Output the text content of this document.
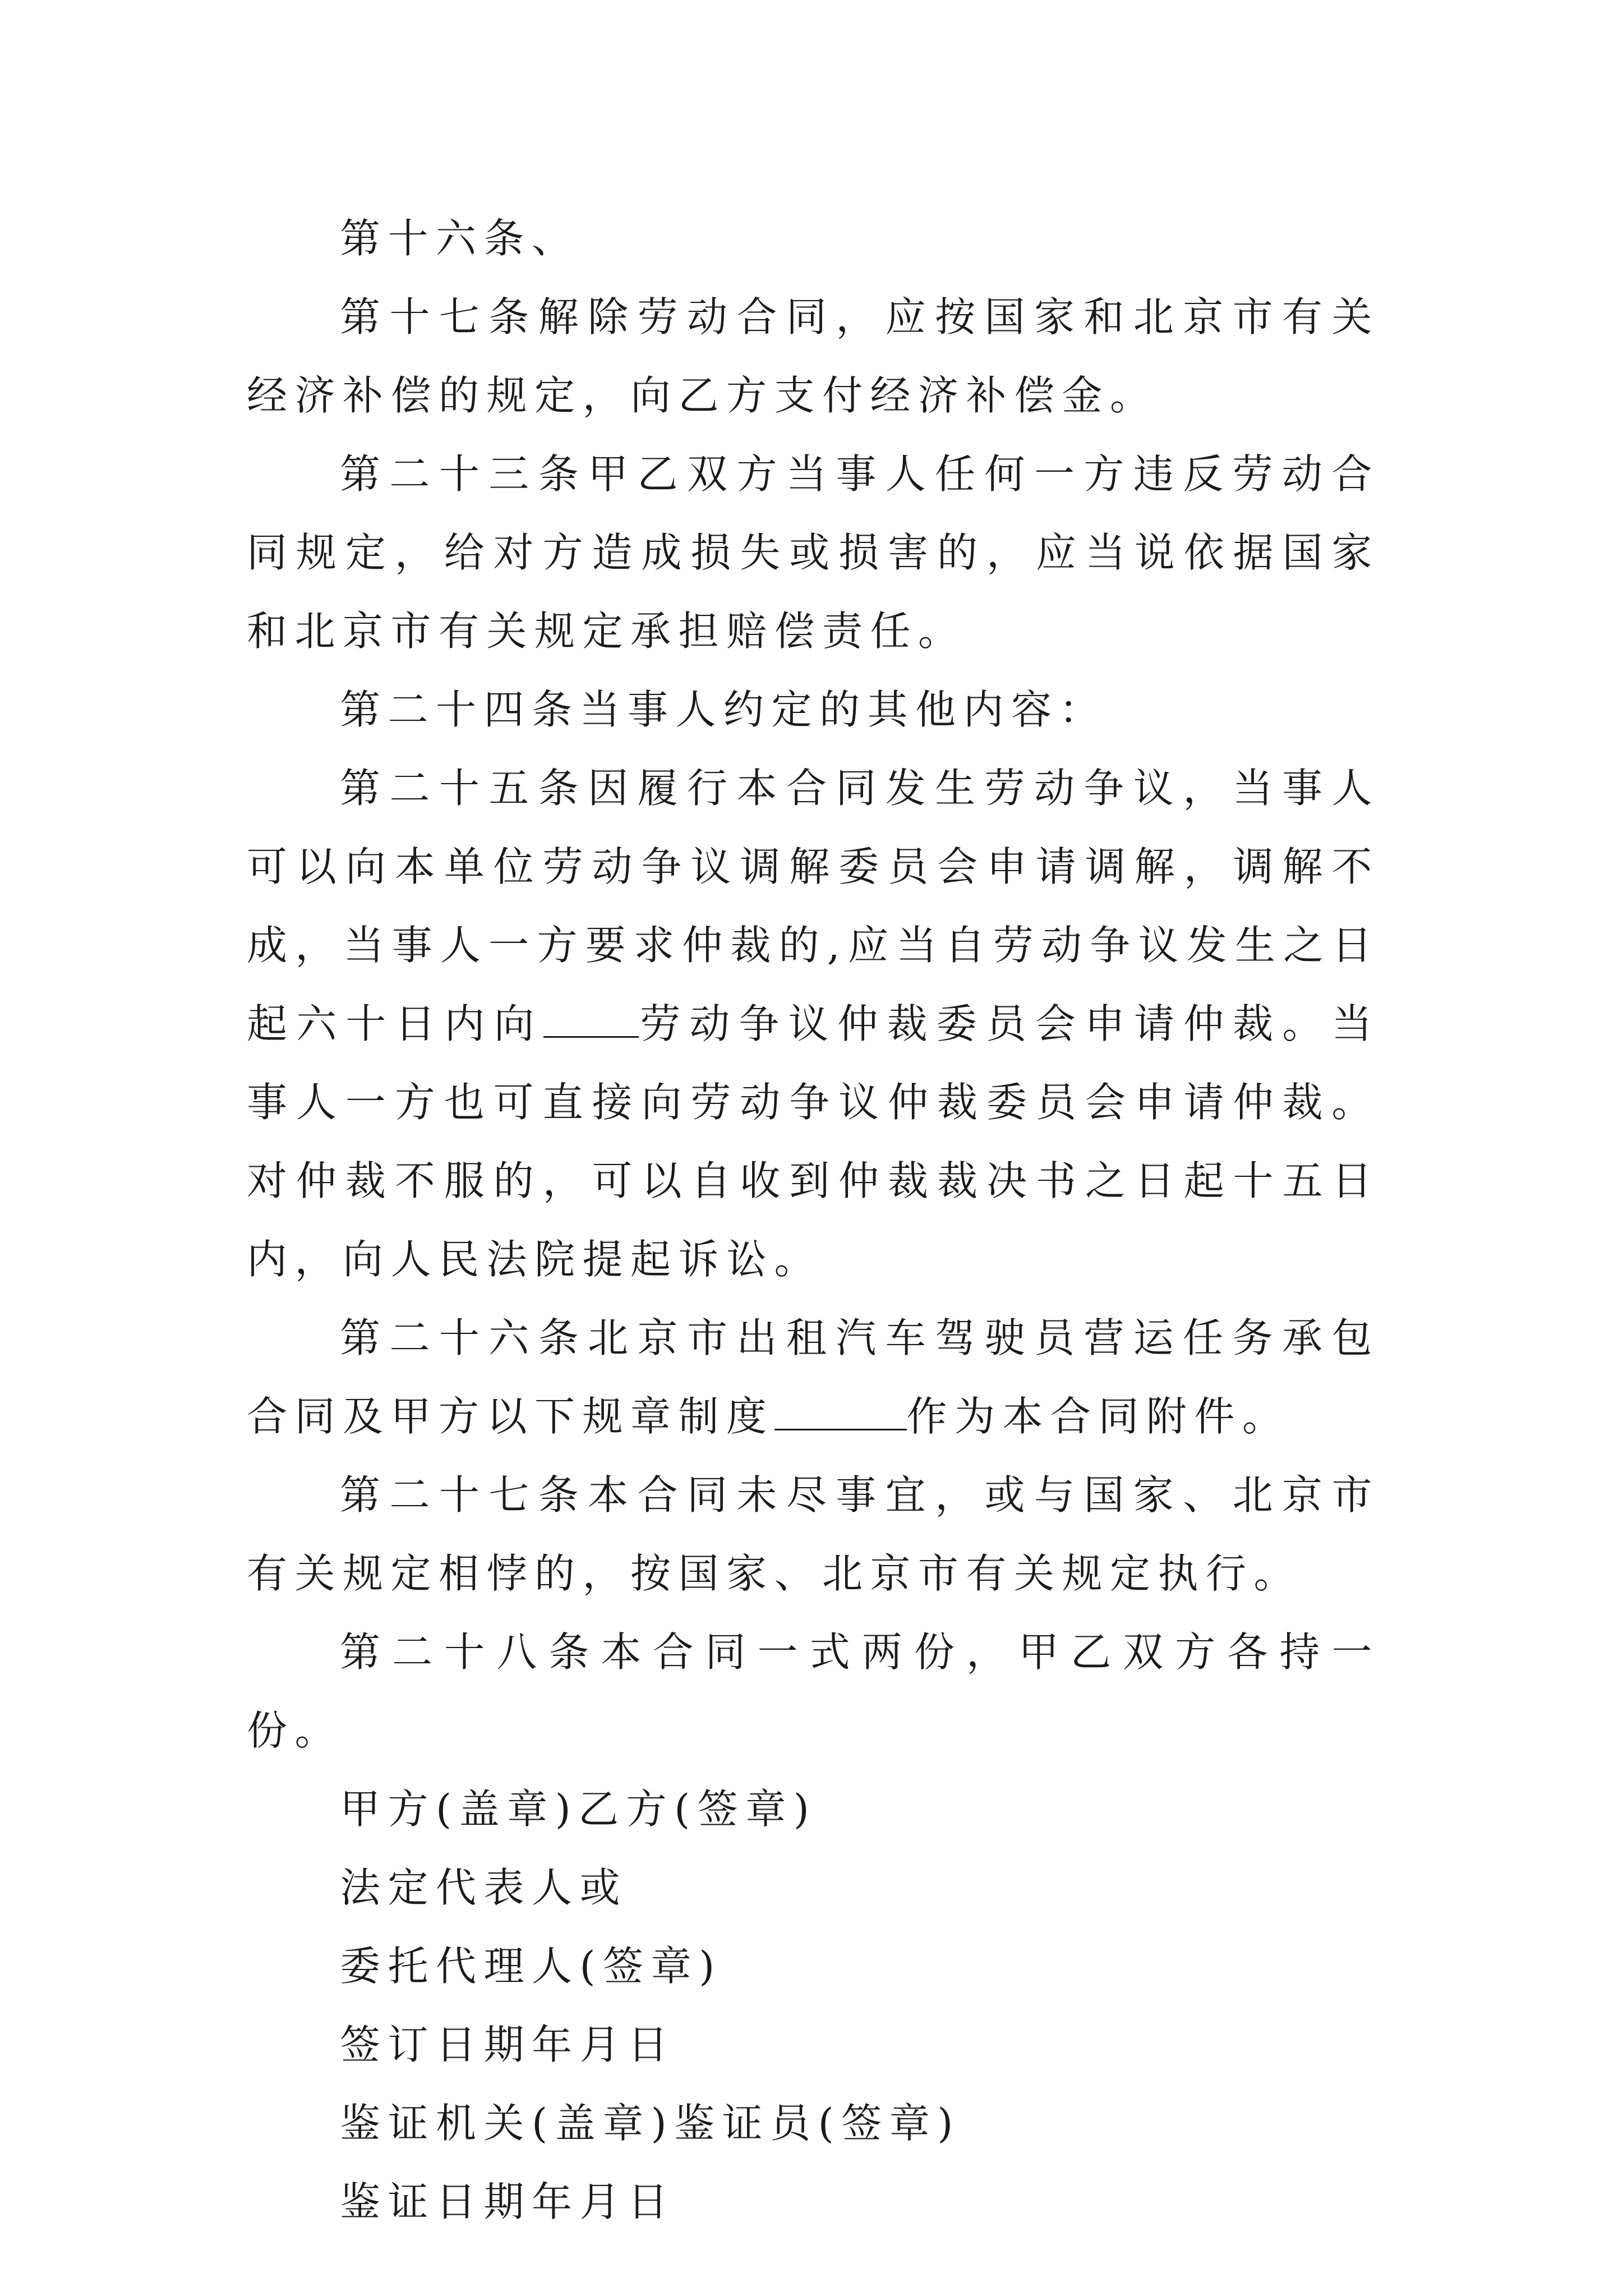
第十六条、

第十七条解除劳动合同，应按国家和北京市有关经济补偿的规定，向乙方支付经济补偿金。

第二十三条甲乙双方当事人任何一方违反劳动合同规定，给对方造成损失或损害的，应当说依据国家和北京市有关规定承担赔偿责任。

第二十四条当事人约定的其他内容：

第二十五条因履行本合同发生劳动争议，当事人可以向本单位劳动争议调解委员会申请调解，调解不成，当事人一方要求仲裁的,应当自劳动争议发生之日起六十日内向 劳动争议仲裁委员会申请仲裁。当事人一方也可直接向劳动争议仲裁委员会申请仲裁。对仲裁不服的，可以自收到仲裁裁决书之日起十五日内，向人民法院提起诉讼。

第二十六条北京市出租汽车驾驶员营运任务承包合同及甲方以下规章制度	作为本合同附件。

第二十七条本合同未尽事宜，或与国家、北京市有关规定相悖的，按国家、北京市有关规定执行。

第二十八条本合同一式两份，甲乙双方各持一份。

甲方(盖章)乙方(签章)

法定代表人或

委托代理人(签章)

签订日期年月日

鉴证机关(盖章)鉴证员(签章)

鉴证日期年月日
